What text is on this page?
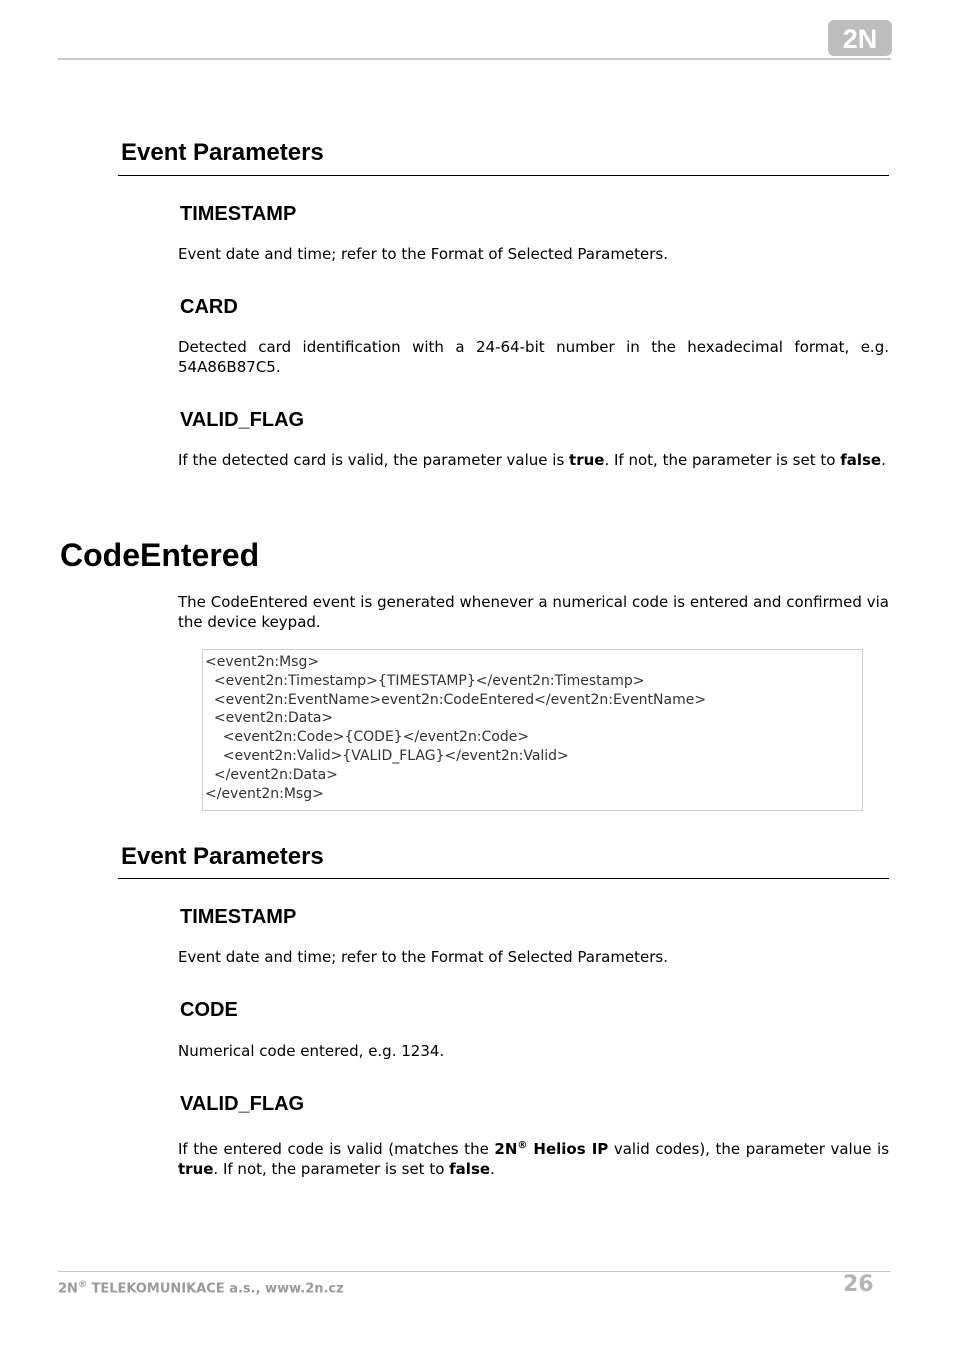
2N
Event Parameters
TIMESTAMP
Event date and time; refer to the Format of Selected Parameters.
CARD
Detected card identification with a 24-64-bit number in the hexadecimal format, e.g. 54A86B87C5.
VALID_FLAG
If the detected card is valid, the parameter value is true. If not, the parameter is set to false.
CodeEntered
The CodeEntered event is generated whenever a numerical code is entered and confirmed via the device keypad.
<event2n:Msg>
<event2n:Timestamp>{TIMESTAMP}</event2n:Timestamp>
<event2n:EventName>event2n:CodeEntered</event2n:EventName>
<event2n:Data>
<event2n:Code>{CODE}</event2n:Code>
<event2n:Valid>{VALID_FLAG}</event2n:Valid>
</event2n:Data>
</event2n:Msg>
Event Parameters
TIMESTAMP
Event date and time; refer to the Format of Selected Parameters.
CODE
Numerical code entered, e.g. 1234.
VALID_FLAG
If the entered code is valid (matches the 2N® Helios IP valid codes), the parameter value is true. If not, the parameter is set to false.
2N® TELEKOMUNIKACE a.s., www.2n.cz	26
